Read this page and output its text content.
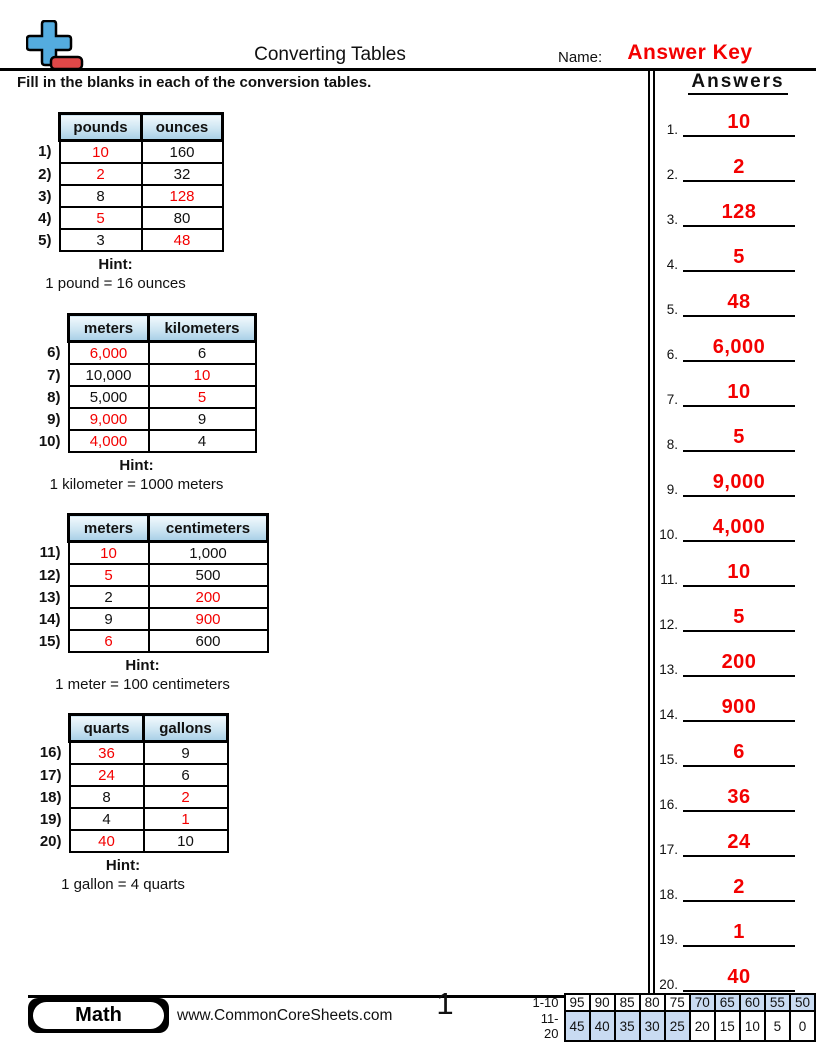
Converting Tables	Name:	Answer Key
Fill in the blanks in each of the conversion tables.	Answers
1.	10
2.	2
3.	128
4.	5
5.	48
6.	6,000
7.	10
8.	5
9.	9,000
10.	4,000
11.	10
12.	5
13.	200
14.	900
15.	6
16.	36
17.	24
18.	2
19.	1
20.	40
	pounds	ounces
1)	10	160
2)	2	32
3)	8	128
4)	5	80
5)	3	48
Hint:
1 pound = 16 ounces
	meters	kilometers
6)	6,000	6
7)	10,000	10
8)	5,000	5
9)	9,000	9
10)	4,000	4
Hint:
1 kilometer = 1000 meters
	meters	centimeters
11)	10	1,000
12)	5	500
13)	2	200
14)	9	900
15)	6	600
Hint:
1 meter = 100 centimeters
	quarts	gallons
16)	36	9
17)	24	6
18)	8	2
19)	4	1
20)	40	10
Hint:
1 gallon = 4 quarts
Math	www.CommonCoreSheets.com	1	1-10	95	90	85	80	75	70	65	60	55	50
11-20	45	40	35	30	25	20	15	10	5	0
